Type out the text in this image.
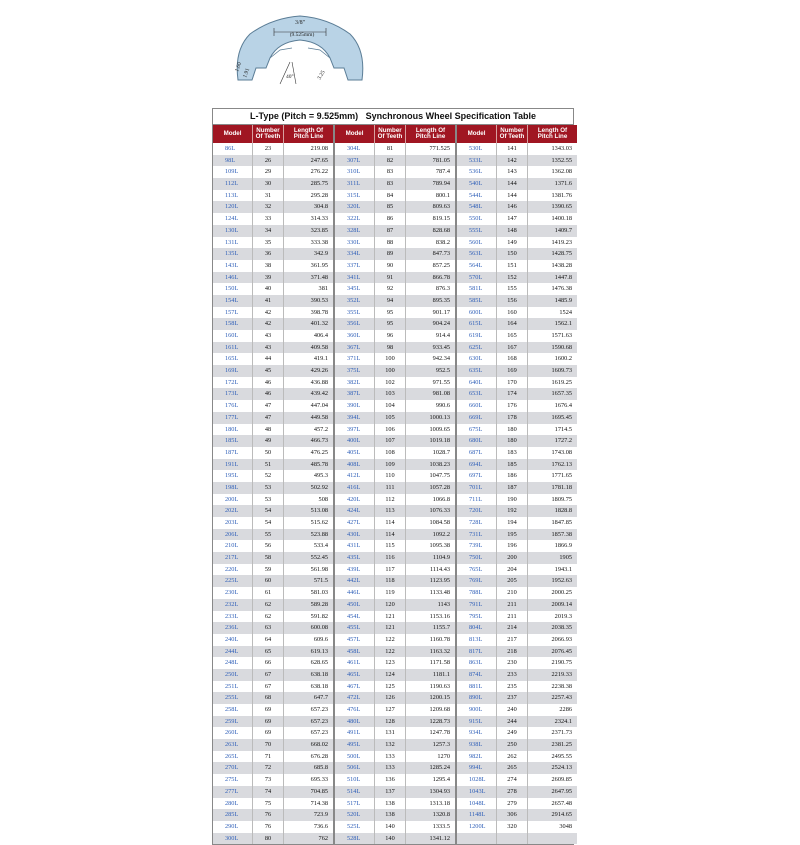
3/8"
(9.525mm)
1.60
1.91	40°	3.25
L-Type (Pitch = 9.525mm)   Synchronous Wheel Specification Table
Model	Number
Of Teeth
Length Of
Pitch Line
86L	23	219.08
98L	26	247.65
109L	29	276.22
112L	30	285.75
113L	31	295.28
120L	32	304.8
124L	33	314.33
130L	34	323.85
131L	35	333.38
135L	36	342.9
143L	38	361.95
146L	39	371.48
150L	40	381
154L	41	390.53
157L	42	398.78
158L	42	401.32
160L	43	406.4
161L	43	409.58
165L	44	419.1
169L	45	429.26
172L	46	436.88
173L	46	439.42
176L	47	447.04
177L	47	449.58
180L	48	457.2
185L	49	466.73
187L	50	476.25
191L	51	485.78
195L	52	495.3
198L	53	502.92
200L	53	508
202L	54	513.08
203L	54	515.62
206L	55	523.88
210L	56	533.4
217L	58	552.45
220L	59	561.98
225L	60	571.5
230L	61	581.03
232L	62	589.28
233L	62	591.82
236L	63	600.08
240L	64	609.6
244L	65	619.13
248L	66	628.65
250L	67	638.18
251L	67	638.18
255L	68	647.7
258L	69	657.23
259L	69	657.23
260L	69	657.23
263L	70	668.02
265L	71	676.28
270L	72	685.8
275L	73	695.33
277L	74	704.85
280L	75	714.38
285L	76	723.9
290L	76	736.6
300L	80	762
Model	Number
Of Teeth
Length Of
Pitch Line
304L	81	771.525
307L	82	781.05
310L	83	787.4
311L	83	789.94
315L	84	800.1
320L	85	809.63
322L	86	819.15
328L	87	828.68
330L	88	838.2
334L	89	847.73
337L	90	857.25
341L	91	866.78
345L	92	876.3
352L	94	895.35
355L	95	901.17
356L	95	904.24
360L	96	914.4
367L	98	933.45
371L	100	942.34
375L	100	952.5
382L	102	971.55
387L	103	981.08
390L	104	990.6
394L	105	1000.13
397L	106	1009.65
400L	107	1019.18
405L	108	1028.7
408L	109	1038.23
412L	110	1047.75
416L	111	1057.28
420L	112	1066.8
424L	113	1076.33
427L	114	1084.58
430L	114	1092.2
431L	115	1095.38
435L	116	1104.9
439L	117	1114.43
442L	118	1123.95
446L	119	1133.48
450L	120	1143
454L	121	1153.16
455L	121	1155.7
457L	122	1160.78
458L	122	1163.32
461L	123	1171.58
465L	124	1181.1
467L	125	1190.63
472L	126	1200.15
476L	127	1209.68
480L	128	1228.73
491L	131	1247.78
495L	132	1257.3
500L	133	1270
506L	133	1285.24
510L	136	1295.4
514L	137	1304.93
517L	138	1313.18
520L	138	1320.8
525L	140	1333.5
528L	140	1341.12
Model	Number
Of Teeth
Length Of
Pitch Line
530L	141	1343.03
533L	142	1352.55
536L	143	1362.08
540L	144	1371.6
544L	144	1381.76
548L	146	1390.65
550L	147	1400.18
555L	148	1409.7
560L	149	1419.23
563L	150	1428.75
564L	151	1438.28
570L	152	1447.8
581L	155	1476.38
585L	156	1485.9
600L	160	1524
615L	164	1562.1
619L	165	1571.63
625L	167	1590.68
630L	168	1600.2
635L	169	1609.73
640L	170	1619.25
653L	174	1657.35
660L	176	1676.4
669L	178	1695.45
675L	180	1714.5
680L	180	1727.2
687L	183	1743.08
694L	185	1762.13
697L	186	1771.65
701L	187	1781.18
711L	190	1809.75
720L	192	1828.8
728L	194	1847.85
731L	195	1857.38
739L	196	1866.9
750L	200	1905
765L	204	1943.1
769L	205	1952.63
788L	210	2000.25
791L	211	2009.14
795L	211	2019.3
804L	214	2038.35
813L	217	2066.93
817L	218	2076.45
863L	230	2190.75
874L	233	2219.33
881L	235	2238.38
890L	237	2257.43
900L	240	2286
915L	244	2324.1
934L	249	2371.73
938L	250	2381.25
982L	262	2495.55
994L	265	2524.13
1028L	274	2609.85
1043L	278	2647.95
1048L	279	2657.48
1148L	306	2914.65
1200L	320	3048
